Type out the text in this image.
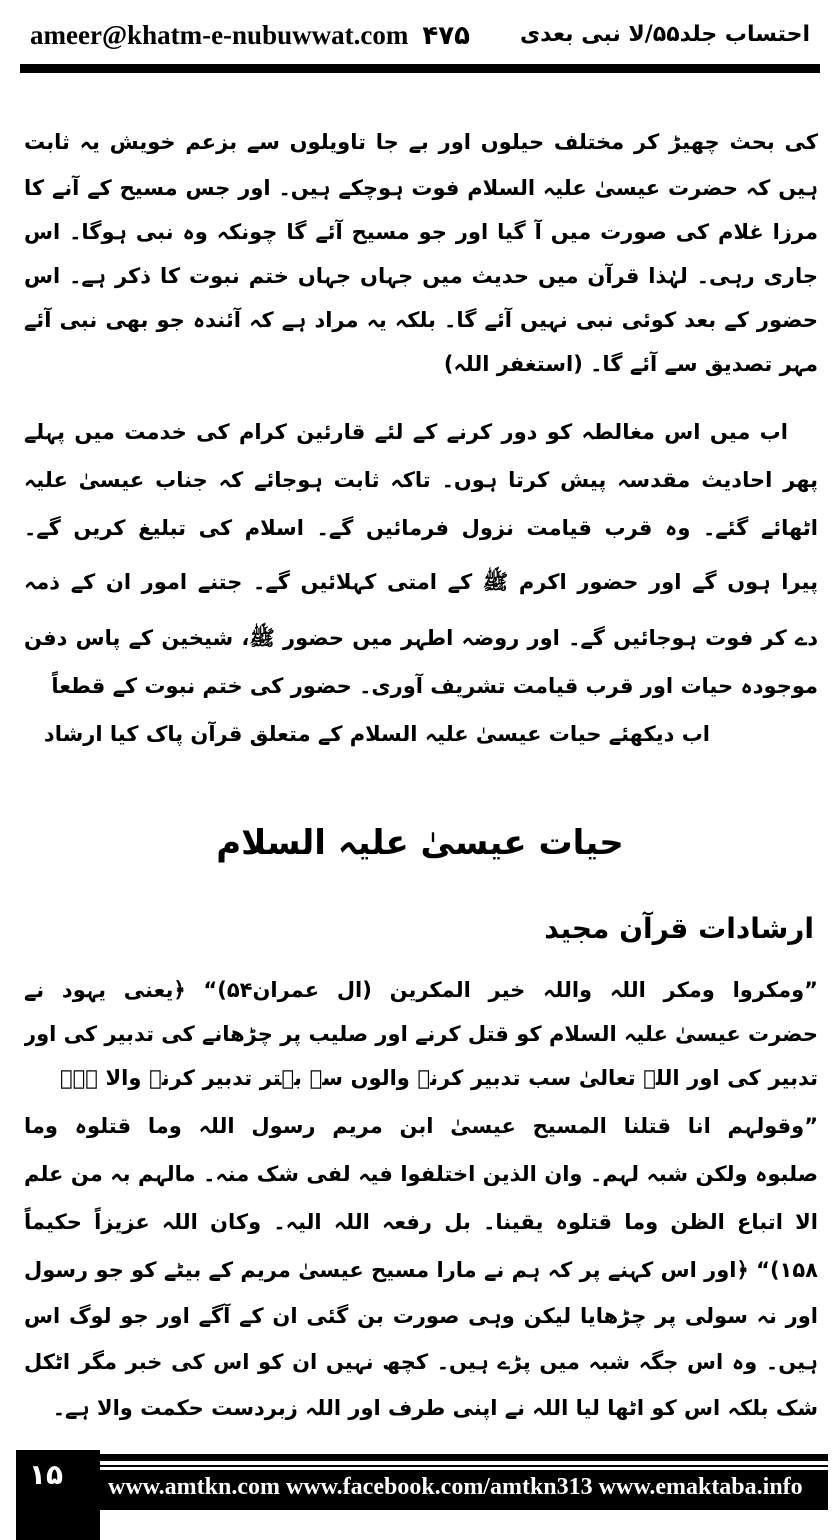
ameer@khatm-e-nubuwwat.com ۴۷۵ احتساب جلد۵۵/لا نبی بعدی
کی بحث چھیڑ کر مختلف حیلوں اور بے جا تاویلوں سے بزعم خویش یہ ثابت
ہیں کہ حضرت عیسیٰ علیہ السلام فوت ہوچکے ہیں۔ اور جس مسیح کے آنے کا
مرزا غلام کی صورت میں آ گیا اور جو مسیح آئے گا چونکہ وہ نبی ہوگا۔ اس
جاری رہی۔ لہٰذا قرآن میں حدیث میں جہاں جہاں ختم نبوت کا ذکر ہے۔ اس
حضور کے بعد کوئی نبی نہیں آئے گا۔ بلکہ یہ مراد ہے کہ آئندہ جو بھی نبی آئے
مہر تصدیق سے آئے گا۔ (استغفر اللہ)
اب میں اس مغالطہ کو دور کرنے کے لئے قارئین کرام کی خدمت میں پہلے
پھر احادیث مقدسہ پیش کرتا ہوں۔ تاکہ ثابت ہوجائے کہ جناب عیسیٰ علیہ
اٹھائے گئے۔ وہ قرب قیامت نزول فرمائیں گے۔ اسلام کی تبلیغ کریں گے۔
پیرا ہوں گے اور حضور اکرم ﷺ کے امتی کہلائیں گے۔ جتنے امور ان کے ذمہ
دے کر فوت ہوجائیں گے۔ اور روضہ اطہر میں حضور ﷺ، شیخین کے پاس دفن
موجودہ حیات اور قرب قیامت تشریف آوری۔ حضور کی ختم نبوت کے قطعاً
اب دیکھئے حیات عیسیٰ علیہ السلام کے متعلق قرآن پاک کیا ارشاد
حیات عیسیٰ علیہ السلام
ارشادات قرآن مجید
”ومکروا ومکر اللہ واللہ خیر المکرین (ال عمران۵۴)“ ﴿یعنی یہود نے
حضرت عیسیٰ علیہ السلام کو قتل کرنے اور صلیب پر چڑھانے کی تدبیر کی اور
تدبیر کی اور اللہ تعالیٰ سب تدبیر کرنے والوں سے بہتر تدبیر کرنے والا ہے۔
”وقولہم انا قتلنا المسیح عیسیٰ ابن مریم رسول اللہ وما قتلوہ وما
صلبوہ ولکن شبہ لہم۔ وان الذین اختلفوا فیہ لفی شک منہ۔ مالہم بہ من علم
الا اتباع الظن وما قتلوہ یقینا۔ بل رفعہ اللہ الیہ۔ وکان اللہ عزیزاً حکیماً
۱۵۸)“ ﴿اور اس کہنے پر کہ ہم نے مارا مسیح عیسیٰ مریم کے بیٹے کو جو رسول
اور نہ سولی پر چڑھایا لیکن وہی صورت بن گئی ان کے آگے اور جو لوگ اس
ہیں۔ وہ اس جگہ شبہ میں پڑے ہیں۔ کچھ نہیں ان کو اس کی خبر مگر اٹکل
شک بلکہ اس کو اٹھا لیا اللہ نے اپنی طرف اور اللہ زبردست حکمت والا ہے۔
۱۵	www.amtkn.com www.facebook.com/amtkn313 www.emaktaba.info
